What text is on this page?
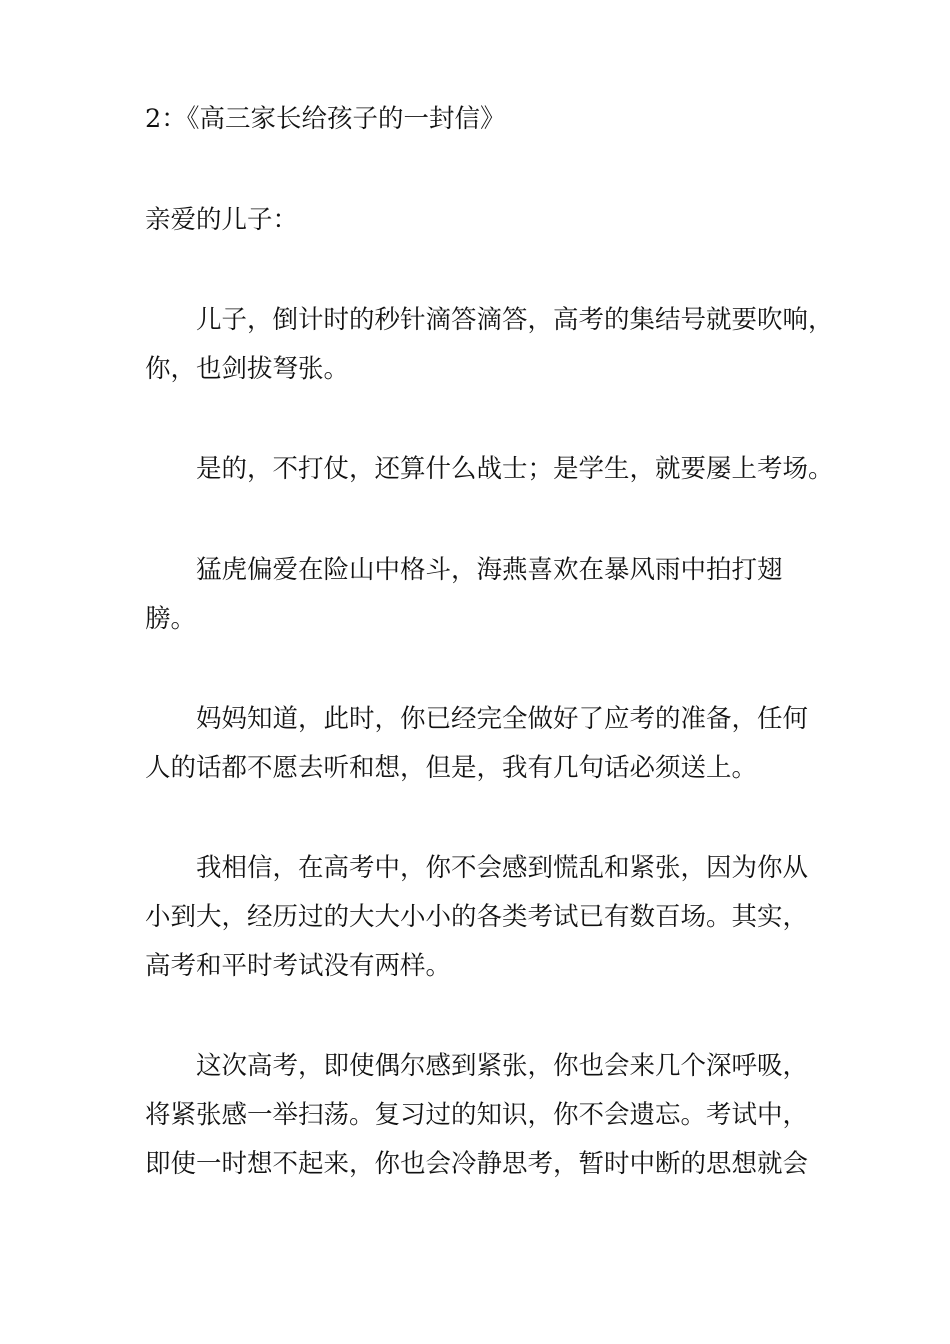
2：《高三家长给孩子的一封信》
亲爱的儿子：
儿子，倒计时的秒针滴答滴答，高考的集结号就要吹响，
你，也剑拔弩张。
是的，不打仗，还算什么战士；是学生，就要屡上考场。
猛虎偏爱在险山中格斗，海燕喜欢在暴风雨中拍打翅
膀。
妈妈知道，此时，你已经完全做好了应考的准备，任何
人的话都不愿去听和想，但是，我有几句话必须送上。
我相信，在高考中，你不会感到慌乱和紧张，因为你从
小到大，经历过的大大小小的各类考试已有数百场。其实，
高考和平时考试没有两样。
这次高考，即使偶尔感到紧张，你也会来几个深呼吸，
将紧张感一举扫荡。复习过的知识，你不会遗忘。考试中，
即使一时想不起来，你也会冷静思考，暂时中断的思想就会
